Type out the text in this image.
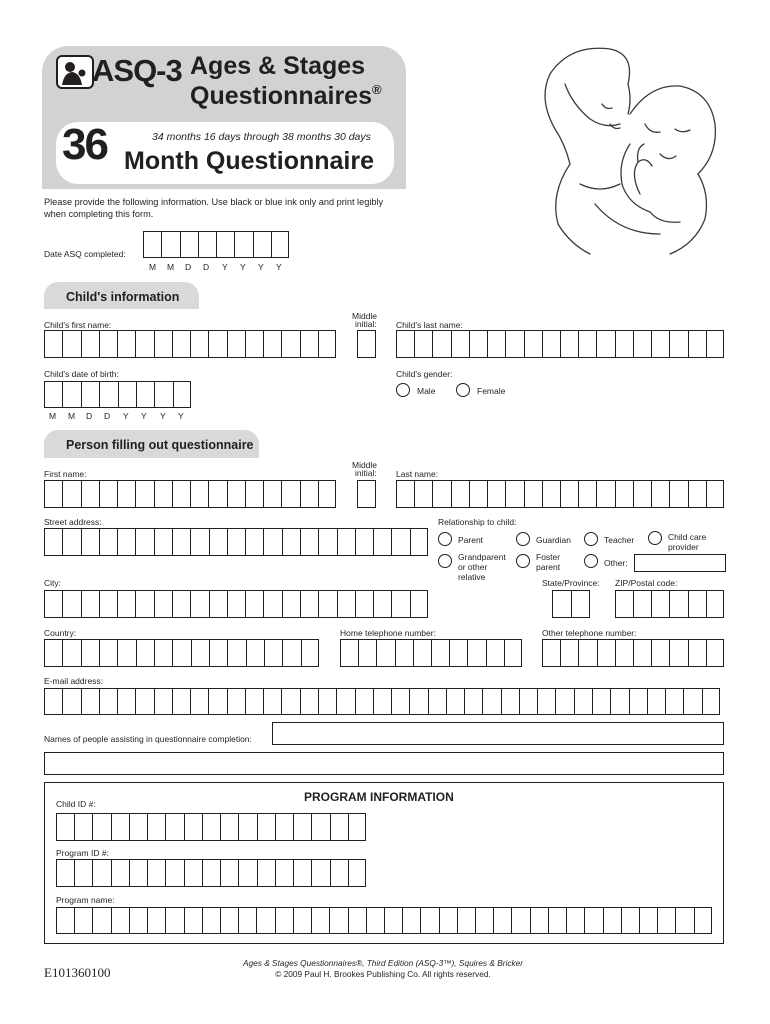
ASQ-3 Ages & Stages
Questionnaires®
36	34 months 16 days through 38 months 30 days
Month Questionnaire
Please provide the following information. Use black or blue ink only and print legibly when completing this form.
Date ASQ completed:
M M D D Y Y Y Y
Child's information
Child's first name:
Middle
initial: Child's last name:
Child's date of birth:
M M D D Y Y Y Y
Child's gender:
Male	Female
Person filling out questionnaire
First name:
Middle
initial: Last name:
Street address:	Relationship to child:
Parent	Guardian	Teacher	Child care
provider
Grandparent
or other
relative
Foster
parent	Other:
City:	State/Province: ZIP/Postal code:
Country:	Home telephone number:	Other telephone number:
E-mail address:
Names of people assisting in questionnaire completion:
PROGRAM INFORMATION
Child ID #:
Program ID #:
Program name:
E101360100
Ages & Stages Questionnaires®, Third Edition (ASQ-3™), Squires & Bricker
© 2009 Paul H. Brookes Publishing Co. All rights reserved.
